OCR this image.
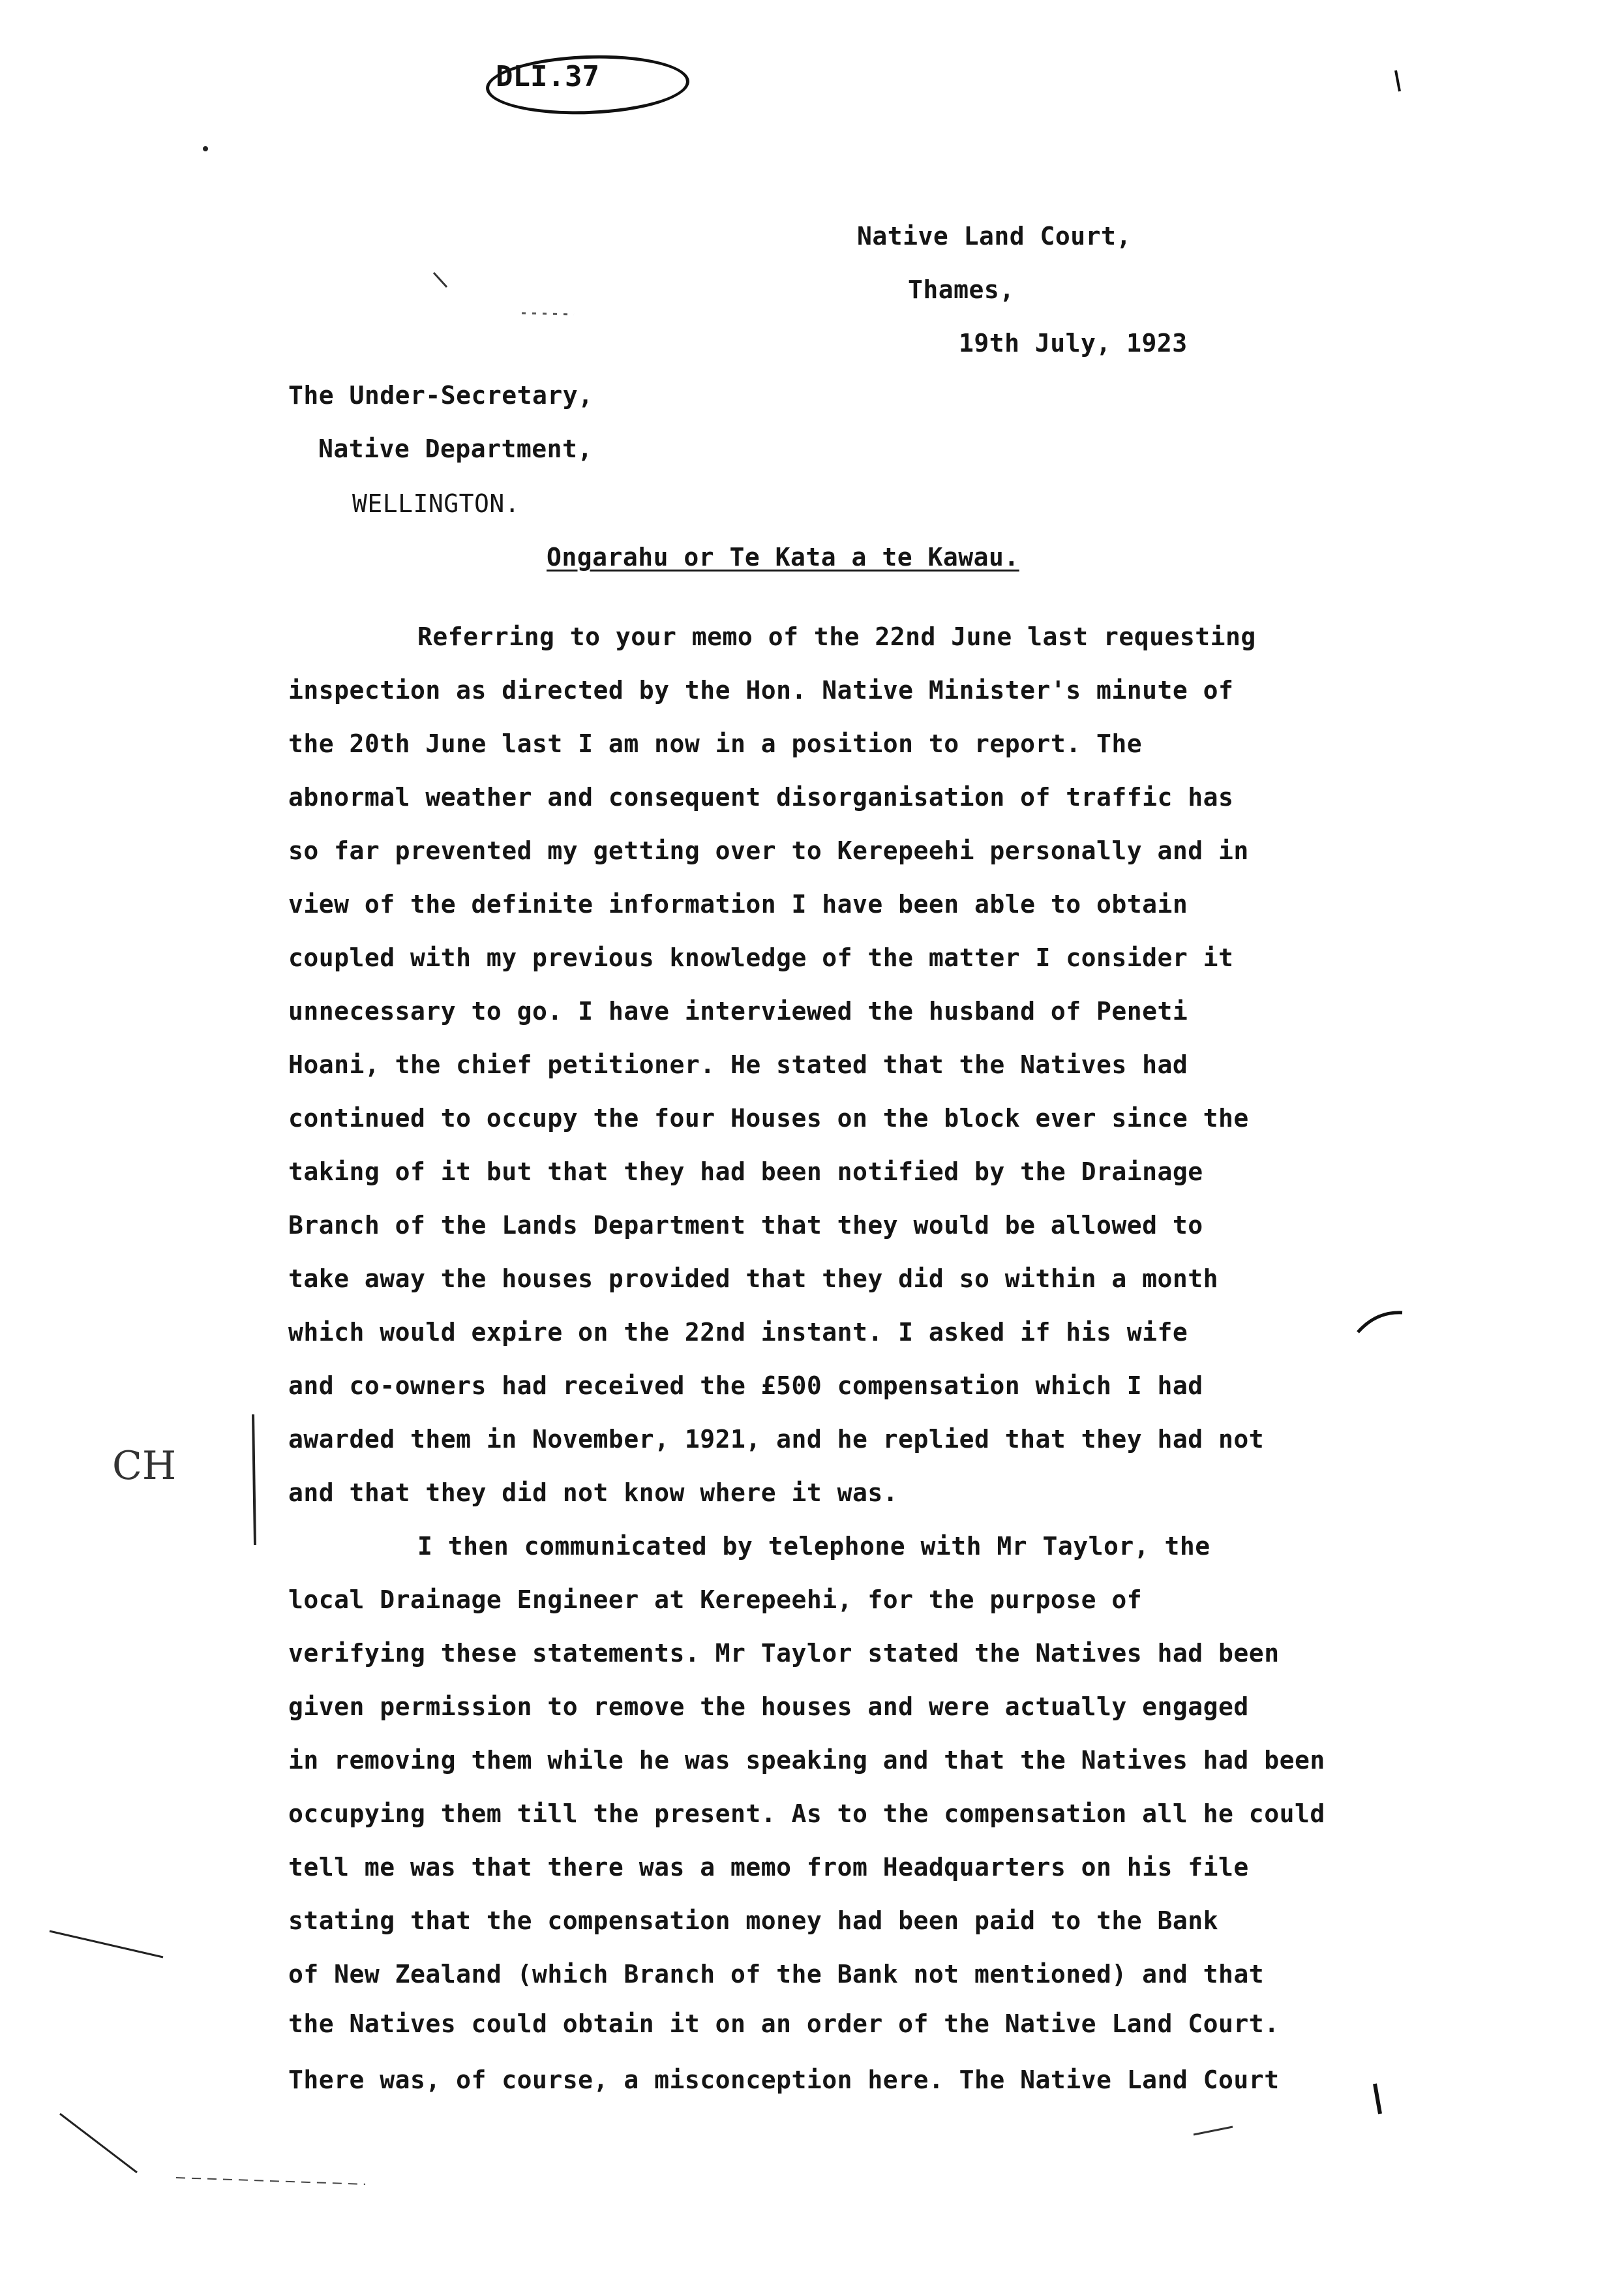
DLI.37
Native Land Court,
Thames,
19th July, 1923
The Under-Secretary,
Native Department,
WELLINGTON.
Ongarahu or Te Kata a te Kawau.
Referring to your memo of the 22nd June last requesting
inspection as directed by the Hon. Native Minister's minute of
the 20th June last I am now in a position to report. The
abnormal weather and consequent disorganisation of traffic has
so far prevented my getting over to Kerepeehi personally and in
view of the definite information I have been able to obtain
coupled with my previous knowledge of the matter I consider it
unnecessary to go. I have interviewed the husband of Peneti
Hoani, the chief petitioner. He stated that the Natives had
continued to occupy the four Houses on the block ever since the
taking of it but that they had been notified by the Drainage
Branch of the Lands Department that they would be allowed to
take away the houses provided that they did so within a month
which would expire on the 22nd instant. I asked if his wife
and co-owners had received the £500 compensation which I had
awarded them in November, 1921, and he replied that they had not
and that they did not know where it was.
I then communicated by telephone with Mr Taylor, the
local Drainage Engineer at Kerepeehi, for the purpose of
verifying these statements. Mr Taylor stated the Natives had been
given permission to remove the houses and were actually engaged
in removing them while he was speaking and that the Natives had been
occupying them till the present. As to the compensation all he could
tell me was that there was a memo from Headquarters on his file
stating that the compensation money had been paid to the Bank
of New Zealand (which Branch of the Bank not mentioned) and that
the Natives could obtain it on an order of the Native Land Court.
There was, of course, a misconception here. The Native Land Court
CH
